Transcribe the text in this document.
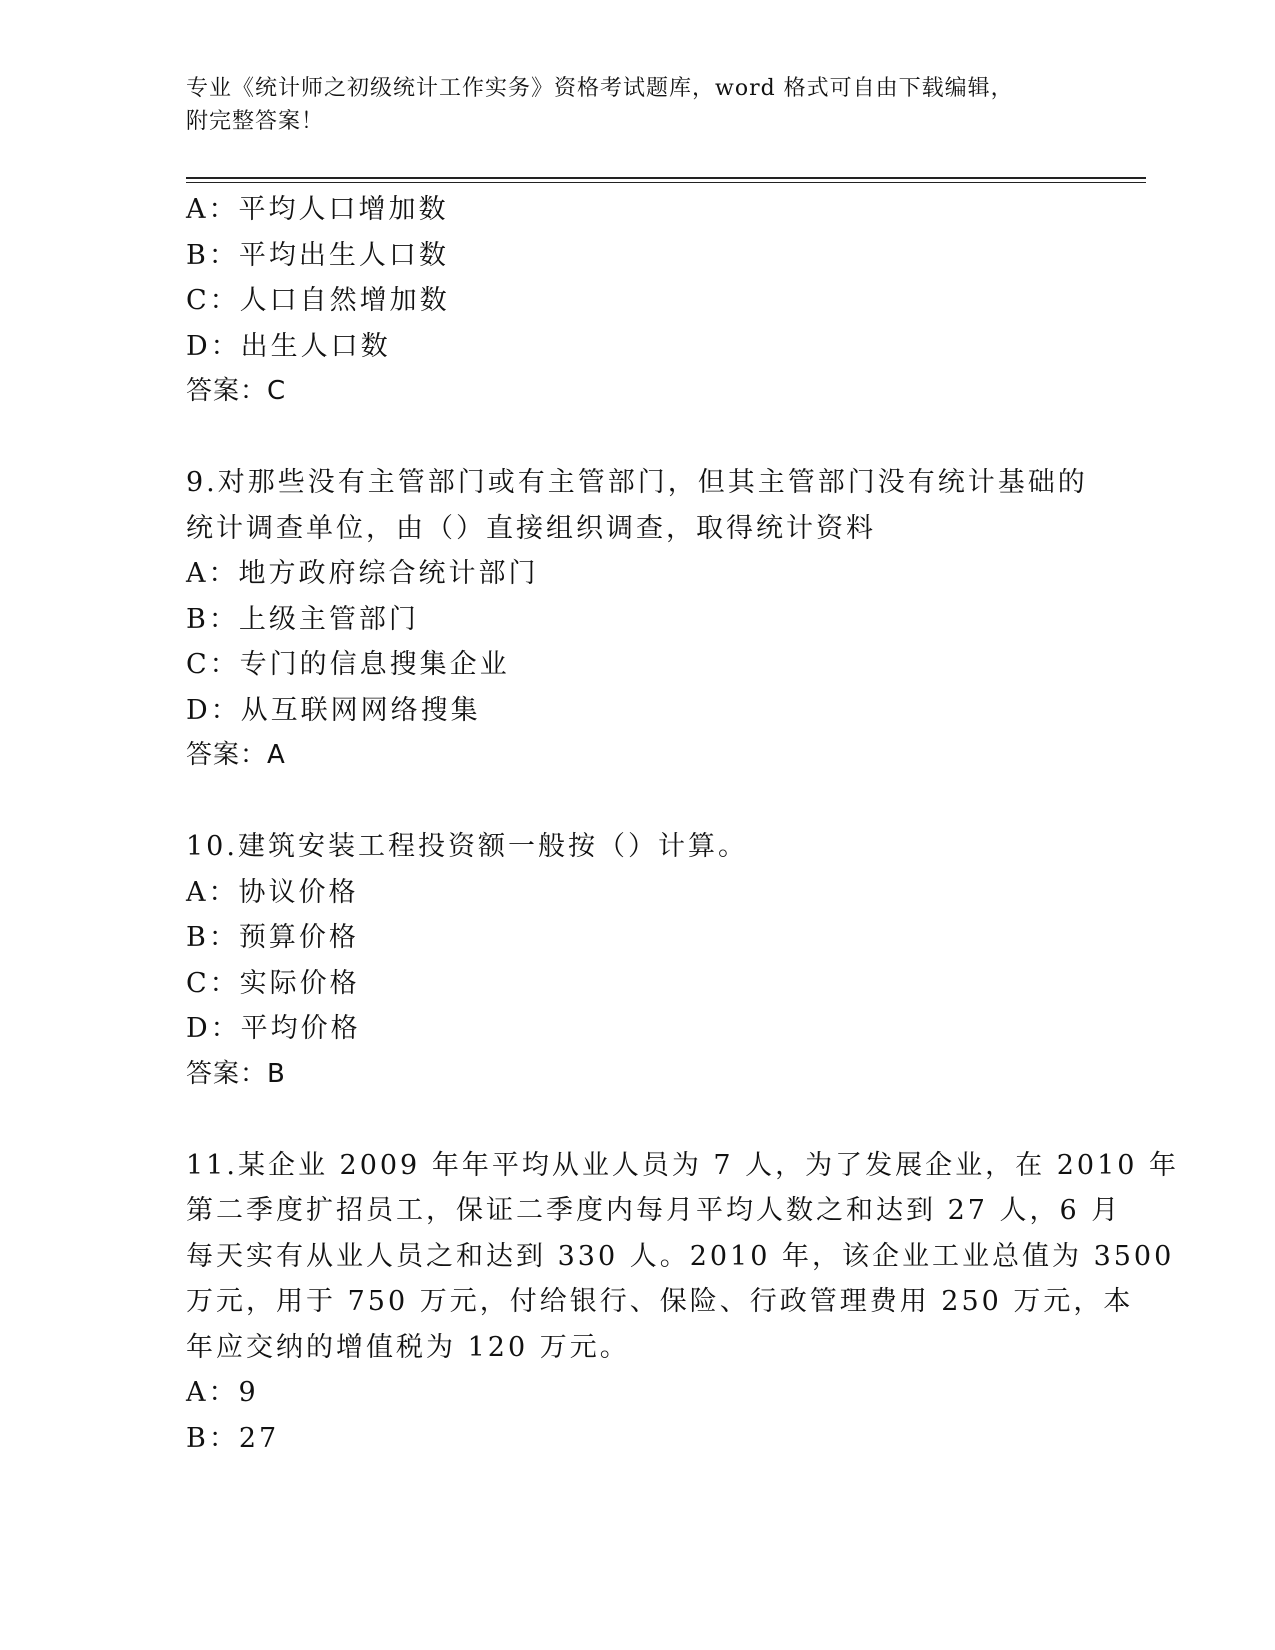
专业《统计师之初级统计工作实务》资格考试题库，word 格式可自由下载编辑，
附完整答案！
A：平均人口增加数
B：平均出生人口数
C：人口自然增加数
D：出生人口数
答案：C
9.对那些没有主管部门或有主管部门，但其主管部门没有统计基础的
统计调查单位，由（）直接组织调查，取得统计资料
A：地方政府综合统计部门
B：上级主管部门
C：专门的信息搜集企业
D：从互联网网络搜集
答案：A
10.建筑安装工程投资额一般按（）计算。
A：协议价格
B：预算价格
C：实际价格
D：平均价格
答案：B
11.某企业 2009 年年平均从业人员为 7 人，为了发展企业，在 2010 年
第二季度扩招员工，保证二季度内每月平均人数之和达到 27 人，6 月
每天实有从业人员之和达到 330 人。2010 年，该企业工业总值为 3500
万元，用于 750 万元，付给银行、保险、行政管理费用 250 万元，本
年应交纳的增值税为 120 万元。
A：9
B：27
